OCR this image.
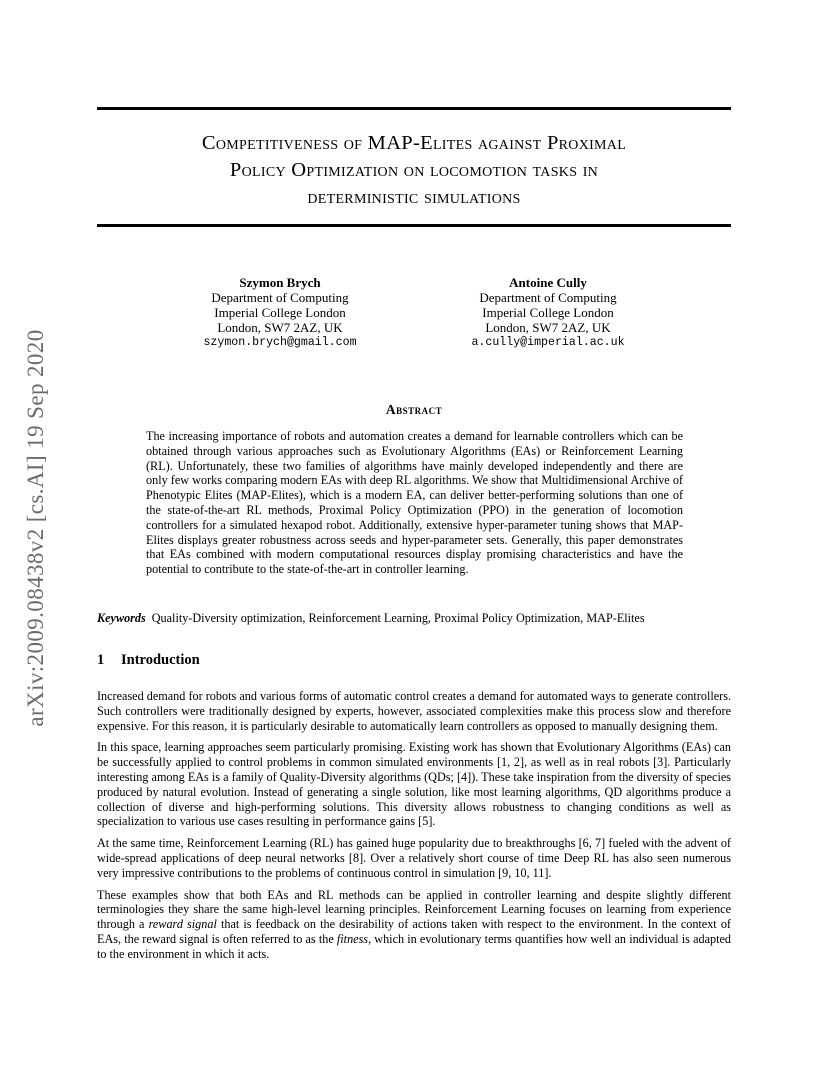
Competitiveness of MAP-Elites against Proximal
Policy Optimization on locomotion tasks in
deterministic simulations
Szymon Brych
Department of Computing
Imperial College London
London, SW7 2AZ, UK
szymon.brych@gmail.com
Antoine Cully
Department of Computing
Imperial College London
London, SW7 2AZ, UK
a.cully@imperial.ac.uk
arXiv:2009.08438v2 [cs.AI] 19 Sep 2020	Abstract

The increasing importance of robots and automation creates a demand for learnable controllers which can be obtained through various approaches such as Evolutionary Algorithms (EAs) or Reinforcement Learning (RL). Unfortunately, these two families of algorithms have mainly developed independently and there are only few works comparing modern EAs with deep RL algorithms. We show that Multidimensional Archive of Phenotypic Elites (MAP-Elites), which is a modern EA, can deliver better-performing solutions than one of the state-of-the-art RL methods, Proximal Policy Optimization (PPO) in the generation of locomotion controllers for a simulated hexapod robot. Additionally, extensive hyper-parameter tuning shows that MAP-Elites displays greater robustness across seeds and hyper-parameter sets. Generally, this paper demonstrates that EAs combined with modern computational resources display promising characteristics and have the potential to contribute to the state-of-the-art in controller learning.

Keywords Quality-Diversity optimization, Reinforcement Learning, Proximal Policy Optimization, MAP-Elites
1 Introduction

Increased demand for robots and various forms of automatic control creates a demand for automated ways to generate controllers. Such controllers were traditionally designed by experts, however, associated complexities make this process slow and therefore expensive. For this reason, it is particularly desirable to automatically learn controllers as opposed to manually designing them.

In this space, learning approaches seem particularly promising. Existing work has shown that Evolutionary Algorithms (EAs) can be successfully applied to control problems in common simulated environments [1, 2], as well as in real robots [3]. Particularly interesting among EAs is a family of Quality-Diversity algorithms (QDs; [4]). These take inspiration from the diversity of species produced by natural evolution. Instead of generating a single solution, like most learning algorithms, QD algorithms produce a collection of diverse and high-performing solutions. This diversity allows robustness to changing conditions as well as specialization to various use cases resulting in performance gains [5].

At the same time, Reinforcement Learning (RL) has gained huge popularity due to breakthroughs [6, 7] fueled with the advent of wide-spread applications of deep neural networks [8]. Over a relatively short course of time Deep RL has also seen numerous very impressive contributions to the problems of continuous control in simulation [9, 10, 11].

These examples show that both EAs and RL methods can be applied in controller learning and despite slightly different terminologies they share the same high-level learning principles. Reinforcement Learning focuses on learning from experience through a reward signal that is feedback on the desirability of actions taken with respect to the environment. In the context of EAs, the reward signal is often referred to as the fitness, which in evolutionary terms quantifies how well an individual is adapted to the environment in which it acts.
